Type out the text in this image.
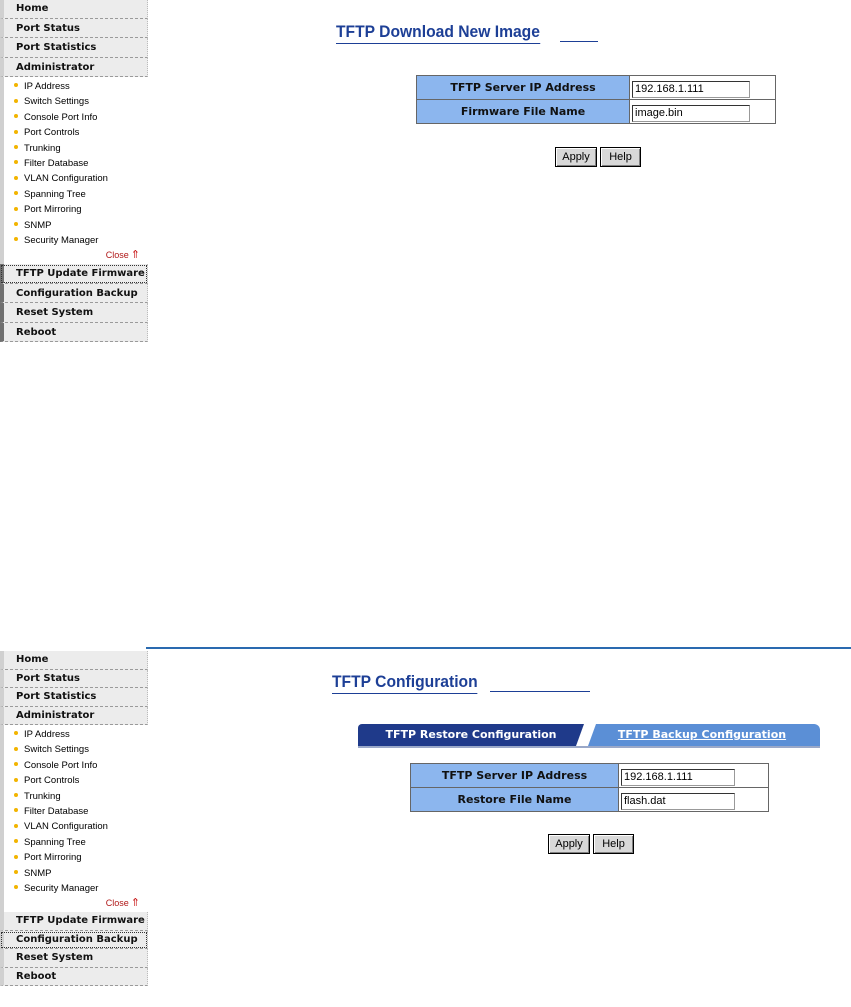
Home
Port Status
Port Statistics
Administrator
IP Address
Switch Settings
Console Port Info
Port Controls
Trunking
Filter Database
VLAN Configuration
Spanning Tree
Port Mirroring
SNMP
Security Manager
Close ⇑
TFTP Update Firmware
Configuration Backup
Reset System
Reboot
TFTP Download New Image
TFTP Server IP Address	192.168.1.111
Firmware File Name	image.bin
Apply	Help
Home
Port Status
Port Statistics
Administrator
IP Address
Switch Settings
Console Port Info
Port Controls
Trunking
Filter Database
VLAN Configuration
Spanning Tree
Port Mirroring
SNMP
Security Manager
Close ⇑
TFTP Update Firmware
Configuration Backup
Reset System
Reboot
TFTP Configuration
TFTP Restore Configuration	TFTP Backup Configuration
TFTP Server IP Address	192.168.1.111
Restore File Name	flash.dat
Apply	Help
